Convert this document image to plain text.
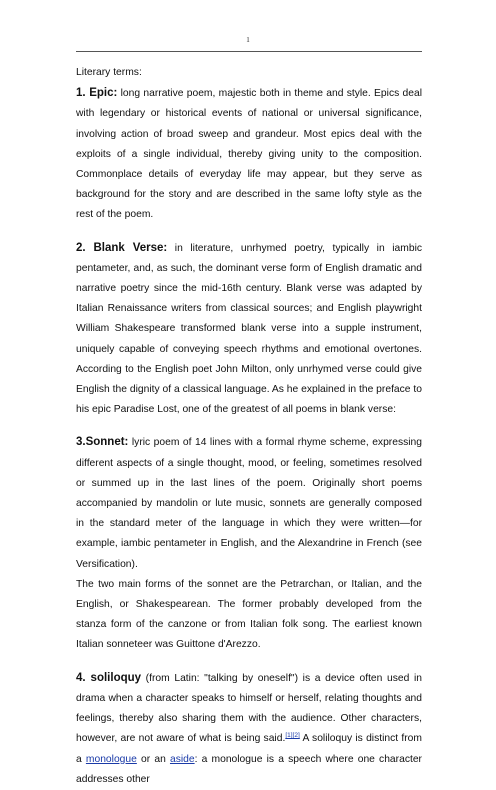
1

Literary terms:

1. Epic: long narrative poem, majestic both in theme and style. Epics deal with legendary or historical events of national or universal significance, involving action of broad sweep and grandeur. Most epics deal with the exploits of a single individual, thereby giving unity to the composition. Commonplace details of everyday life may appear, but they serve as background for the story and are described in the same lofty style as the rest of the poem.

2. Blank Verse: in literature, unrhymed poetry, typically in iambic pentameter, and, as such, the dominant verse form of English dramatic and narrative poetry since the mid-16th century. Blank verse was adapted by Italian Renaissance writers from classical sources; and English playwright William Shakespeare transformed blank verse into a supple instrument, uniquely capable of conveying speech rhythms and emotional overtones. According to the English poet John Milton, only unrhymed verse could give English the dignity of a classical language. As he explained in the preface to his epic Paradise Lost, one of the greatest of all poems in blank verse:

3.Sonnet: lyric poem of 14 lines with a formal rhyme scheme, expressing different aspects of a single thought, mood, or feeling, sometimes resolved or summed up in the last lines of the poem. Originally short poems accompanied by mandolin or lute music, sonnets are generally composed in the standard meter of the language in which they were written—for example, iambic pentameter in English, and the Alexandrine in French (see Versification).

The two main forms of the sonnet are the Petrarchan, or Italian, and the English, or Shakespearean. The former probably developed from the stanza form of the canzone or from Italian folk song. The earliest known Italian sonneteer was Guittone d'Arezzo.

4. soliloquy (from Latin: "talking by oneself") is a device often used in drama when a character speaks to himself or herself, relating thoughts and feelings, thereby also sharing them with the audience. Other characters, however, are not aware of what is being said.[1][2] A soliloquy is distinct from a monologue or an aside: a monologue is a speech where one character addresses other
